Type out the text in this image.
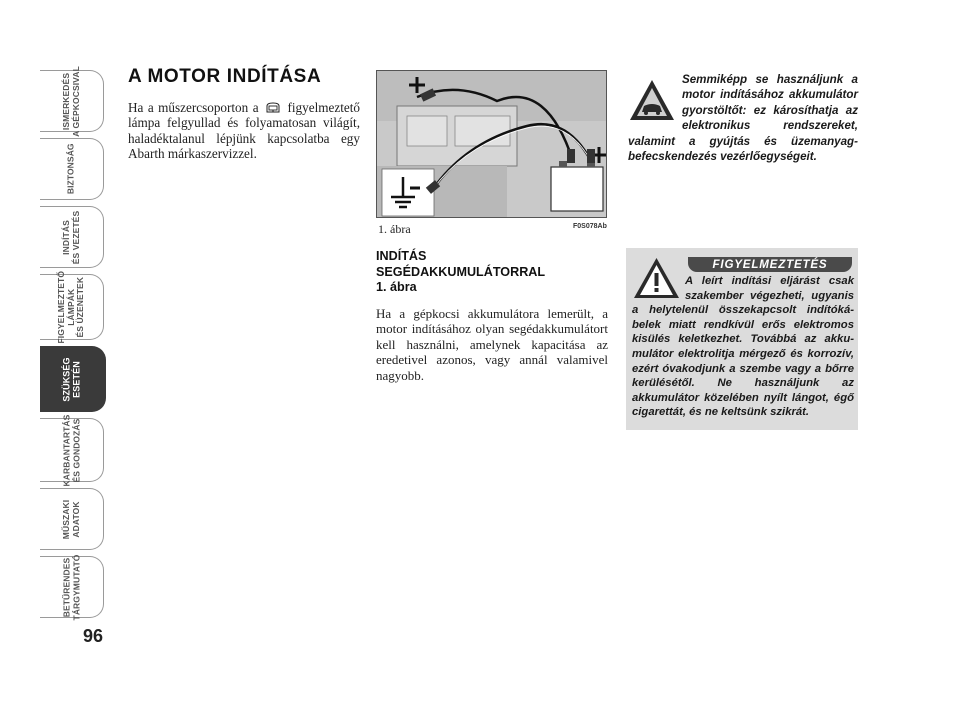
ISMERKEDÉS
A GÉPKOCSIVAL
BIZTONSÁG
INDÍTÁS
ÉS VEZETÉS
FIGYELMEZTETŐ
LÁMPÁK
ÉS ÜZENETEK
SZÜKSÉG
ESETÉN
KARBANTARTÁS
ÉS GONDOZÁS
MŰSZAKI
ADATOK
BETŰRENDES
TÁRGYMUTATÓ
96
A MOTOR INDÍTÁSA
Ha a műszercsoporton a figyelmeztető lámpa felgyullad és folyamatosan világít, haladéktalanul lépjünk kapcsolatba egy Abarth márkaszervizzel.
1. ábra	F0S078Ab
INDÍTÁS
SEGÉDAKKUMULÁTORRAL
1. ábra
Ha a gépkocsi akkumulátora lemerült, a motor indításához olyan segédakkumulátort kell használni, amelynek kapacitása az eredetivel azonos, vagy annál valamivel nagyobb.
Semmiképp se használjunk a motor indításához akkumulátor gyorstöltőt: ez károsíthatja az elektronikus rendszereket, valamint a gyújtás és üzemanyag-befecskendezés vezérlőegységeit.
FIGYELMEZTETÉS
A leírt indítási eljárást csak szakember végezheti, ugyanis a helytelenül összekapcsolt indítókábelek miatt rendkívül erős elektromos kisülés keletkezhet. Továbbá az akkumulátor elektrolitja mérgező és korrozív, ezért óvakodjunk a szembe vagy a bőrre kerülésétől. Ne használjunk az akkumulátor közelében nyílt lángot, égő cigarettát, és ne keltsünk szikrát.
